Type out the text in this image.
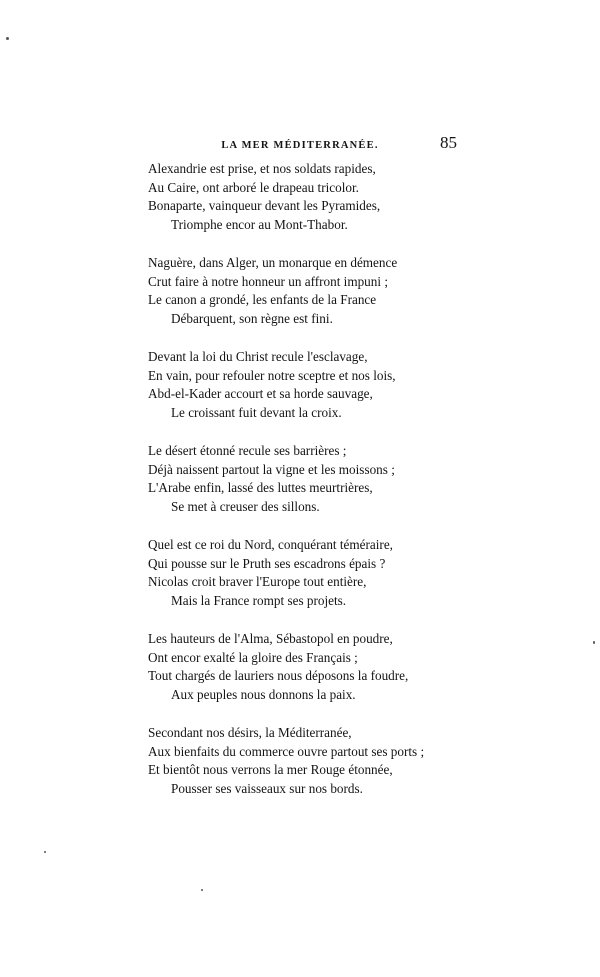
LA MER MÉDITERRANÉE.	85
Alexandrie est prise, et nos soldats rapides,
Au Caire, ont arboré le drapeau tricolor.
Bonaparte, vainqueur devant les Pyramides,
Triomphe encor au Mont-Thabor.
Naguère, dans Alger, un monarque en démence
Crut faire à notre honneur un affront impuni ;
Le canon a grondé, les enfants de la France
Débarquent, son règne est fini.
Devant la loi du Christ recule l'esclavage,
En vain, pour refouler notre sceptre et nos lois,
Abd-el-Kader accourt et sa horde sauvage,
Le croissant fuit devant la croix.
Le désert étonné recule ses barrières ;
Déjà naissent partout la vigne et les moissons ;
L'Arabe enfin, lassé des luttes meurtrières,
Se met à creuser des sillons.
Quel est ce roi du Nord, conquérant téméraire,
Qui pousse sur le Pruth ses escadrons épais ?
Nicolas croit braver l'Europe tout entière,
Mais la France rompt ses projets.
Les hauteurs de l'Alma, Sébastopol en poudre,
Ont encor exalté la gloire des Français ;
Tout chargés de lauriers nous déposons la foudre,
Aux peuples nous donnons la paix.
Secondant nos désirs, la Méditerranée,
Aux bienfaits du commerce ouvre partout ses ports ;
Et bientôt nous verrons la mer Rouge étonnée,
Pousser ses vaisseaux sur nos bords.
